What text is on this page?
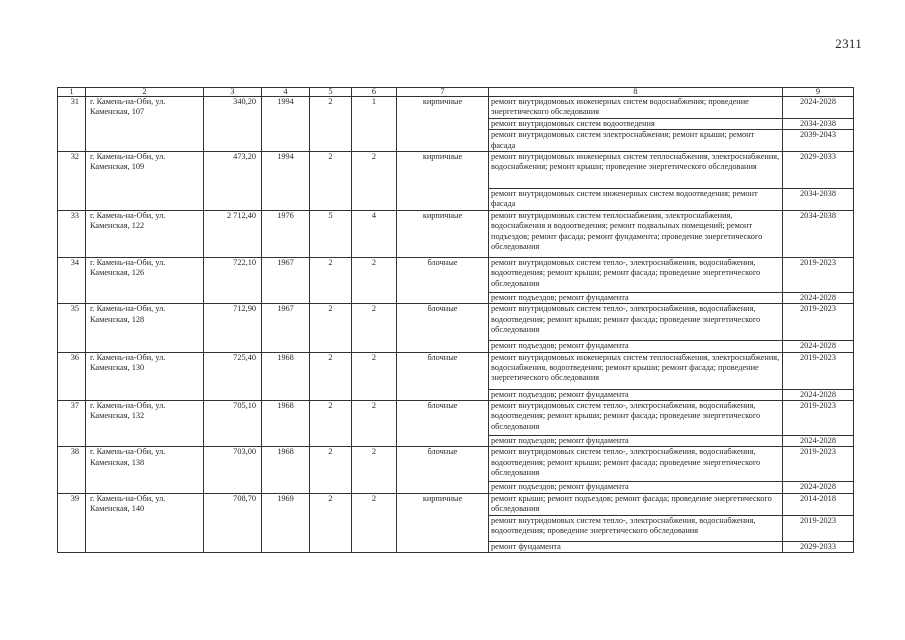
2311
1	2	3	4	5	6	7	8	9
31	г. Камень-на-Оби, ул. Каменская, 107	340,20	1994	2	1	кирпичные	ремонт внутридомовых инженерных систем водоснабжения; проведение энергетического обследования	2024-2028
							ремонт внутридомовых систем водоотведения	2034-2038
							ремонт внутридомовых систем электроснабжения; ремонт крыши; ремонт фасада	2039-2043
32	г. Камень-на-Оби, ул. Каменская, 109	473,20	1994	2	2	кирпичные	ремонт внутридомовых инженерных систем теплоснабжения, электроснабжения, водоснабжения; ремонт крыши; проведение энергетического обследования	2029-2033
							ремонт внутридомовых систем инженерных систем водоотведения; ремонт фасада	2034-2038
33	г. Камень-на-Оби, ул. Каменская, 122	2 712,40	1976	5	4	кирпичные	ремонт внутридомовых систем теплоснабжения, электроснабжения, водоснабжения и водоотведения; ремонт подвальных помещений; ремонт подъездов; ремонт фасада; ремонт фундамента; проведение энергетического обследования	2034-2038
34	г. Камень-на-Оби, ул. Каменская, 126	722,10	1967	2	2	блочные	ремонт внутридомовых систем тепло-, электроснабжения, водоснабжения, водоотведения; ремонт крыши; ремонт фасада; проведение энергетического обследования	2019-2023
							ремонт подъездов; ремонт фундамента	2024-2028
35	г. Камень-на-Оби, ул. Каменская, 128	712,90	1967	2	2	блочные	ремонт внутридомовых систем тепло-, электроснабжения, водоснабжения, водоотведения; ремонт крыши; ремонт фасада; проведение энергетического обследования	2019-2023
							ремонт подъездов; ремонт фундамента	2024-2028
36	г. Камень-на-Оби, ул. Каменская, 130	725,40	1968	2	2	блочные	ремонт внутридомовых инженерных систем теплоснабжения, электроснабжения, водоснабжения, водоотведения; ремонт крыши; ремонт фасада; проведение энергетического обследования	2019-2023
							ремонт подъездов; ремонт фундамента	2024-2028
37	г. Камень-на-Оби, ул. Каменская, 132	705,10	1968	2	2	блочные	ремонт внутридомовых систем тепло-, электроснабжения, водоснабжения, водоотведения; ремонт крыши; ремонт фасада; проведение энергетического обследования	2019-2023
							ремонт подъездов; ремонт фундамента	2024-2028
38	г. Камень-на-Оби, ул. Каменская, 138	703,00	1968	2	2	блочные	ремонт внутридомовых систем тепло-, электроснабжения, водоснабжения, водоотведения; ремонт крыши; ремонт фасада; проведение энергетического обследования	2019-2023
							ремонт подъездов; ремонт фундамента	2024-2028
39	г. Камень-на-Оби, ул. Каменская, 140	708,70	1969	2	2	кирпичные	ремонт крыши; ремонт подъездов; ремонт фасада; проведение энергетического обследования	2014-2018
							ремонт внутридомовых систем тепло-, электроснабжения, водоснабжения, водоотведения; проведение энергетического обследования	2019-2023
							ремонт фундамента	2029-2033
